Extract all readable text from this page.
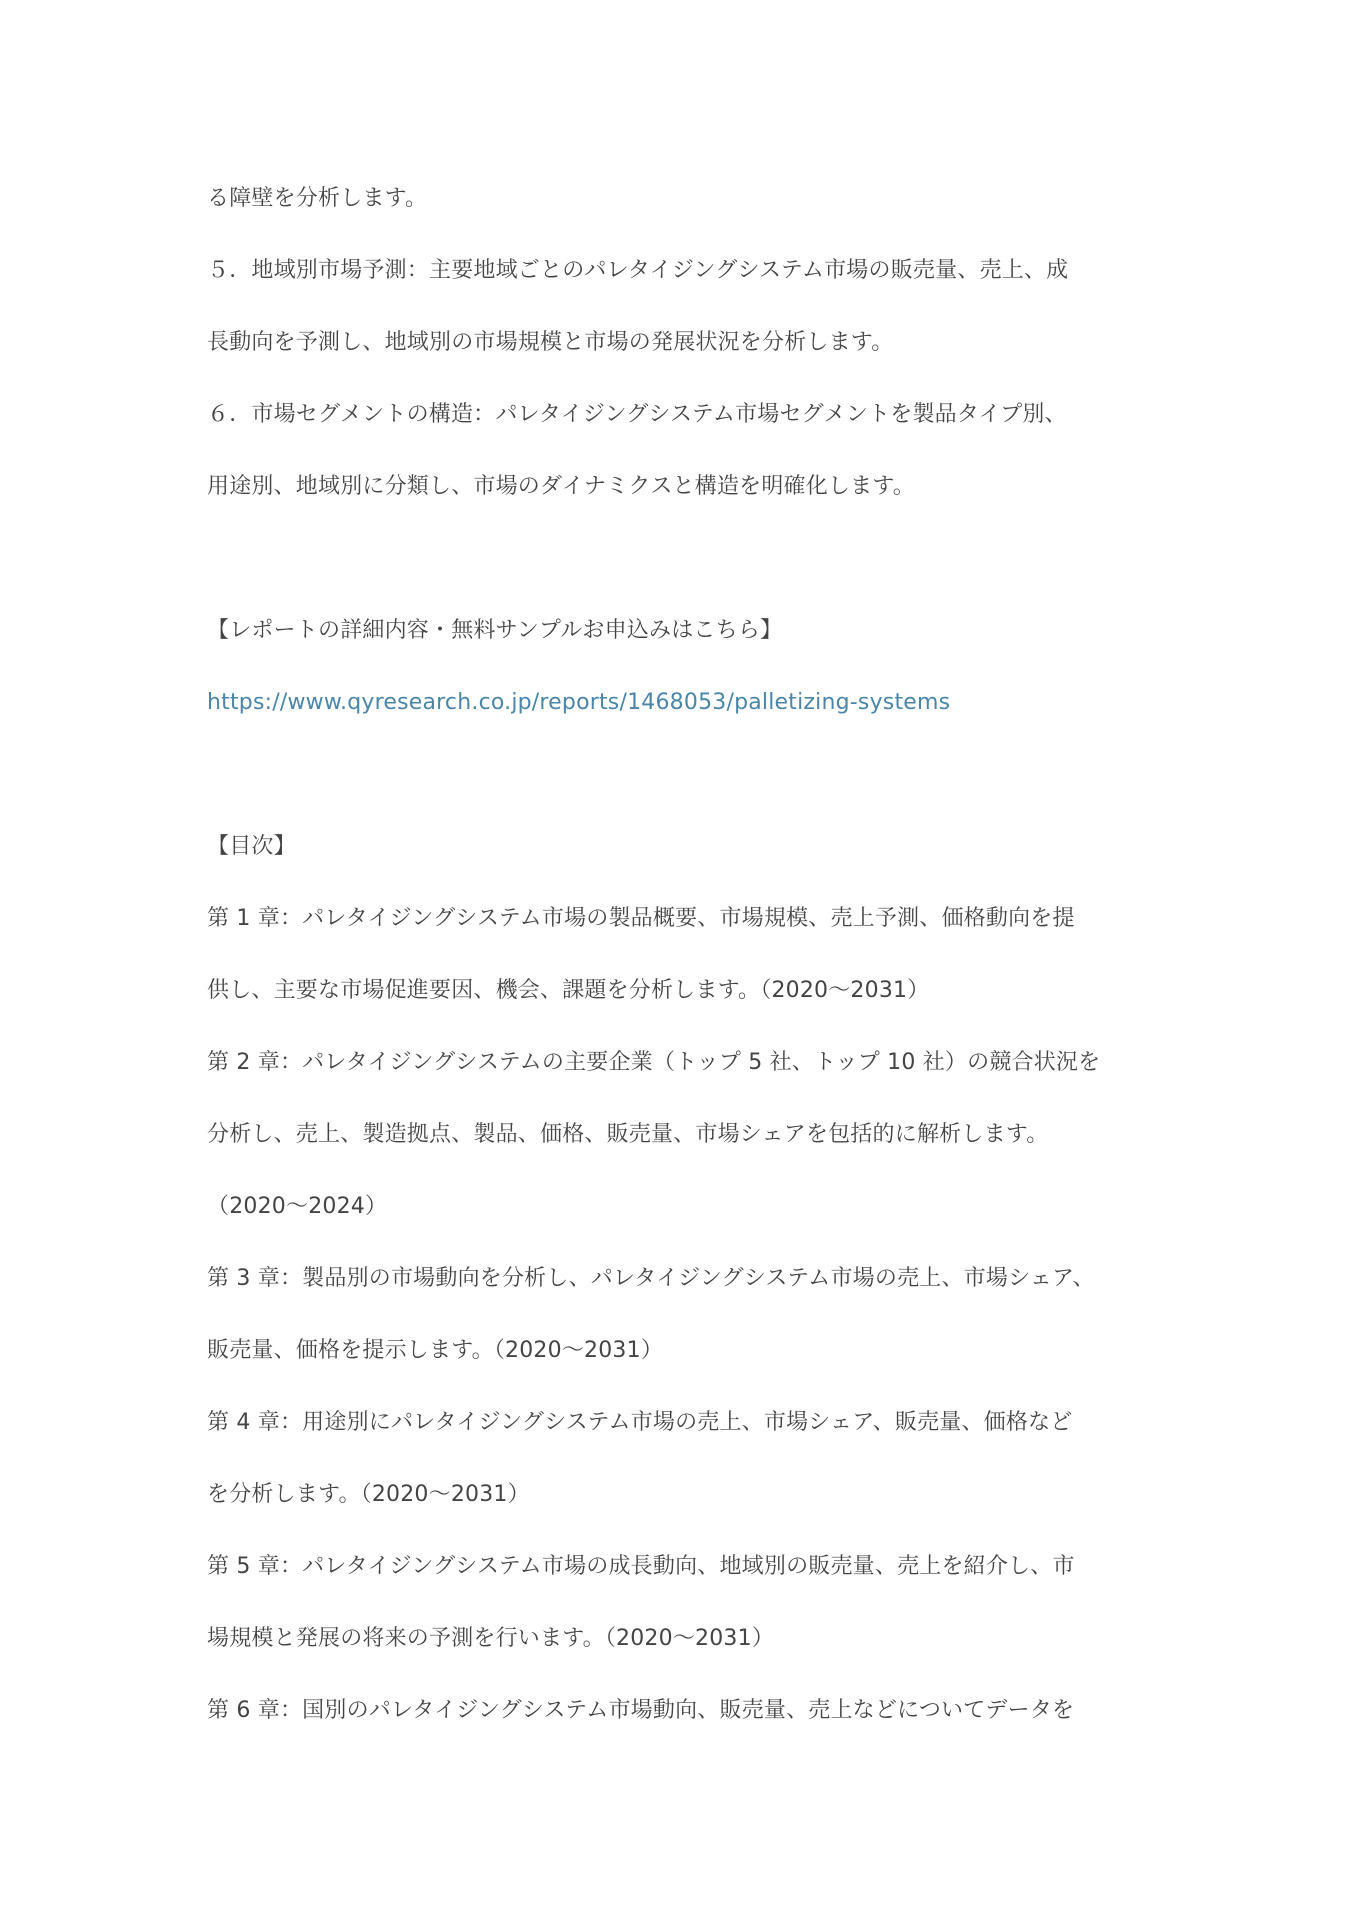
る障壁を分析します。
５．地域別市場予測：主要地域ごとのパレタイジングシステム市場の販売量、売上、成
長動向を予測し、地域別の市場規模と市場の発展状況を分析します。
６．市場セグメントの構造：パレタイジングシステム市場セグメントを製品タイプ別、
用途別、地域別に分類し、市場のダイナミクスと構造を明確化します。
【レポートの詳細内容・無料サンプルお申込みはこちら】
https://www.qyresearch.co.jp/reports/1468053/palletizing-systems
【目次】
第 1 章：パレタイジングシステム市場の製品概要、市場規模、売上予測、価格動向を提
供し、主要な市場促進要因、機会、課題を分析します。（2020～2031）
第 2 章：パレタイジングシステムの主要企業（トップ 5 社、トップ 10 社）の競合状況を
分析し、売上、製造拠点、製品、価格、販売量、市場シェアを包括的に解析します。
（2020～2024）
第 3 章：製品別の市場動向を分析し、パレタイジングシステム市場の売上、市場シェア、
販売量、価格を提示します。（2020～2031）
第 4 章：用途別にパレタイジングシステム市場の売上、市場シェア、販売量、価格など
を分析します。（2020～2031）
第 5 章：パレタイジングシステム市場の成長動向、地域別の販売量、売上を紹介し、市
場規模と発展の将来の予測を行います。（2020～2031）
第 6 章：国別のパレタイジングシステム市場動向、販売量、売上などについてデータを
